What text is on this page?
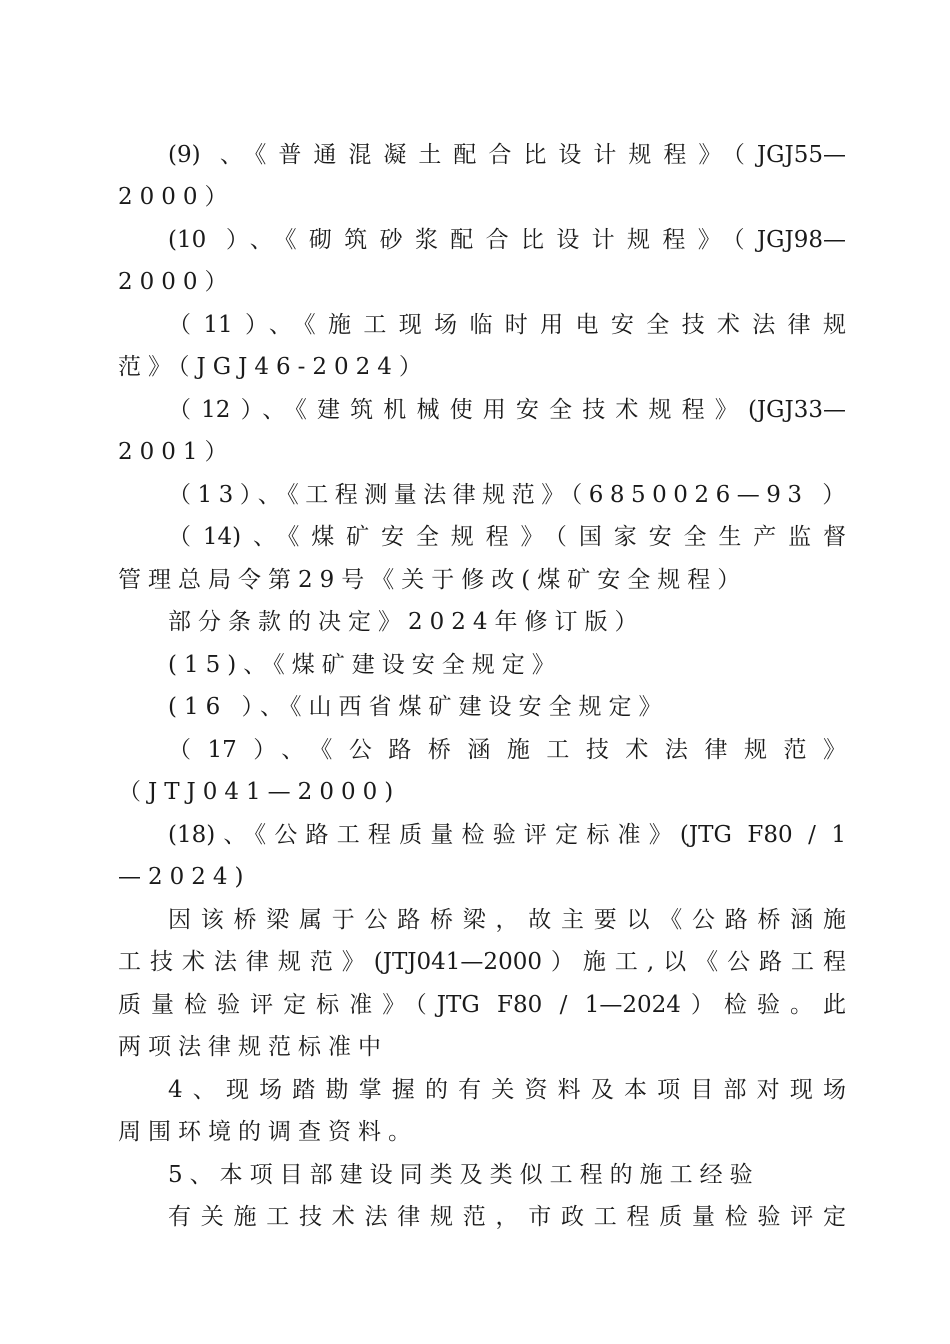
(9) 、《普通混凝土配合比设计规程》（JGJ55—
2000）
(10 ）、《砌筑砂浆配合比设计规程》（JGJ98—
2000）
（11）、《施工现场临时用电安全技术法律规
范》（JGJ46-2024）
（12）、《建筑机械使用安全技术规程》(JGJ33—
2001）
（13）、《工程测量法律规范》（6850026—93 ）
（14)、《煤矿安全规程》（国家安全生产监督
管理总局令第29号《关于修改(煤矿安全规程）
部分条款的决定》2024年修订版）
(15)、《煤矿建设安全规定》
(16 ）、《山西省煤矿建设安全规定》
（17）、《公路桥涵施工技术法律规范》
（JTJ041—2000)
(18)、《公路工程质量检验评定标准》(JTG F80 / 1
—2024)
因该桥梁属于公路桥梁，故主要以《公路桥涵施
工技术法律规范》(JTJ041—2000）施工,以《公路工程
质量检验评定标准》（JTG F80 / 1—2024）检验。此
两项法律规范标准中
4、现场踏勘掌握的有关资料及本项目部对现场
周围环境的调查资料。
5、本项目部建设同类及类似工程的施工经验
有关施工技术法律规范，市政工程质量检验评定
